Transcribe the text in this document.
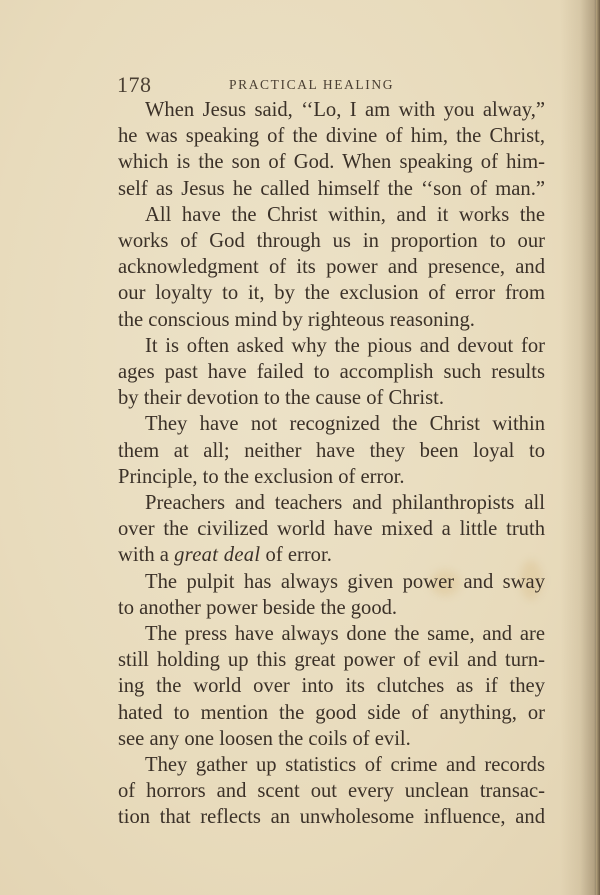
178	PRACTICAL HEALING
When Jesus said, ‘‘Lo, I am with you alway,”
he was speaking of the divine of him, the Christ,
which is the son of God. When speaking of him-
self as Jesus he called himself the ‘‘son of man.”
All have the Christ within, and it works the
works of God through us in proportion to our
acknowledgment of its power and presence, and
our loyalty to it, by the exclusion of error from
the conscious mind by righteous reasoning.
It is often asked why the pious and devout for
ages past have failed to accomplish such results
by their devotion to the cause of Christ.
They have not recognized the Christ within
them at all; neither have they been loyal to
Principle, to the exclusion of error.
Preachers and teachers and philanthropists all
over the civilized world have mixed a little truth
with a great deal of error.
The pulpit has always given power and sway
to another power beside the good.
The press have always done the same, and are
still holding up this great power of evil and turn-
ing the world over into its clutches as if they
hated to mention the good side of anything, or
see any one loosen the coils of evil.
They gather up statistics of crime and records
of horrors and scent out every unclean transac-
tion that reflects an unwholesome influence, and
